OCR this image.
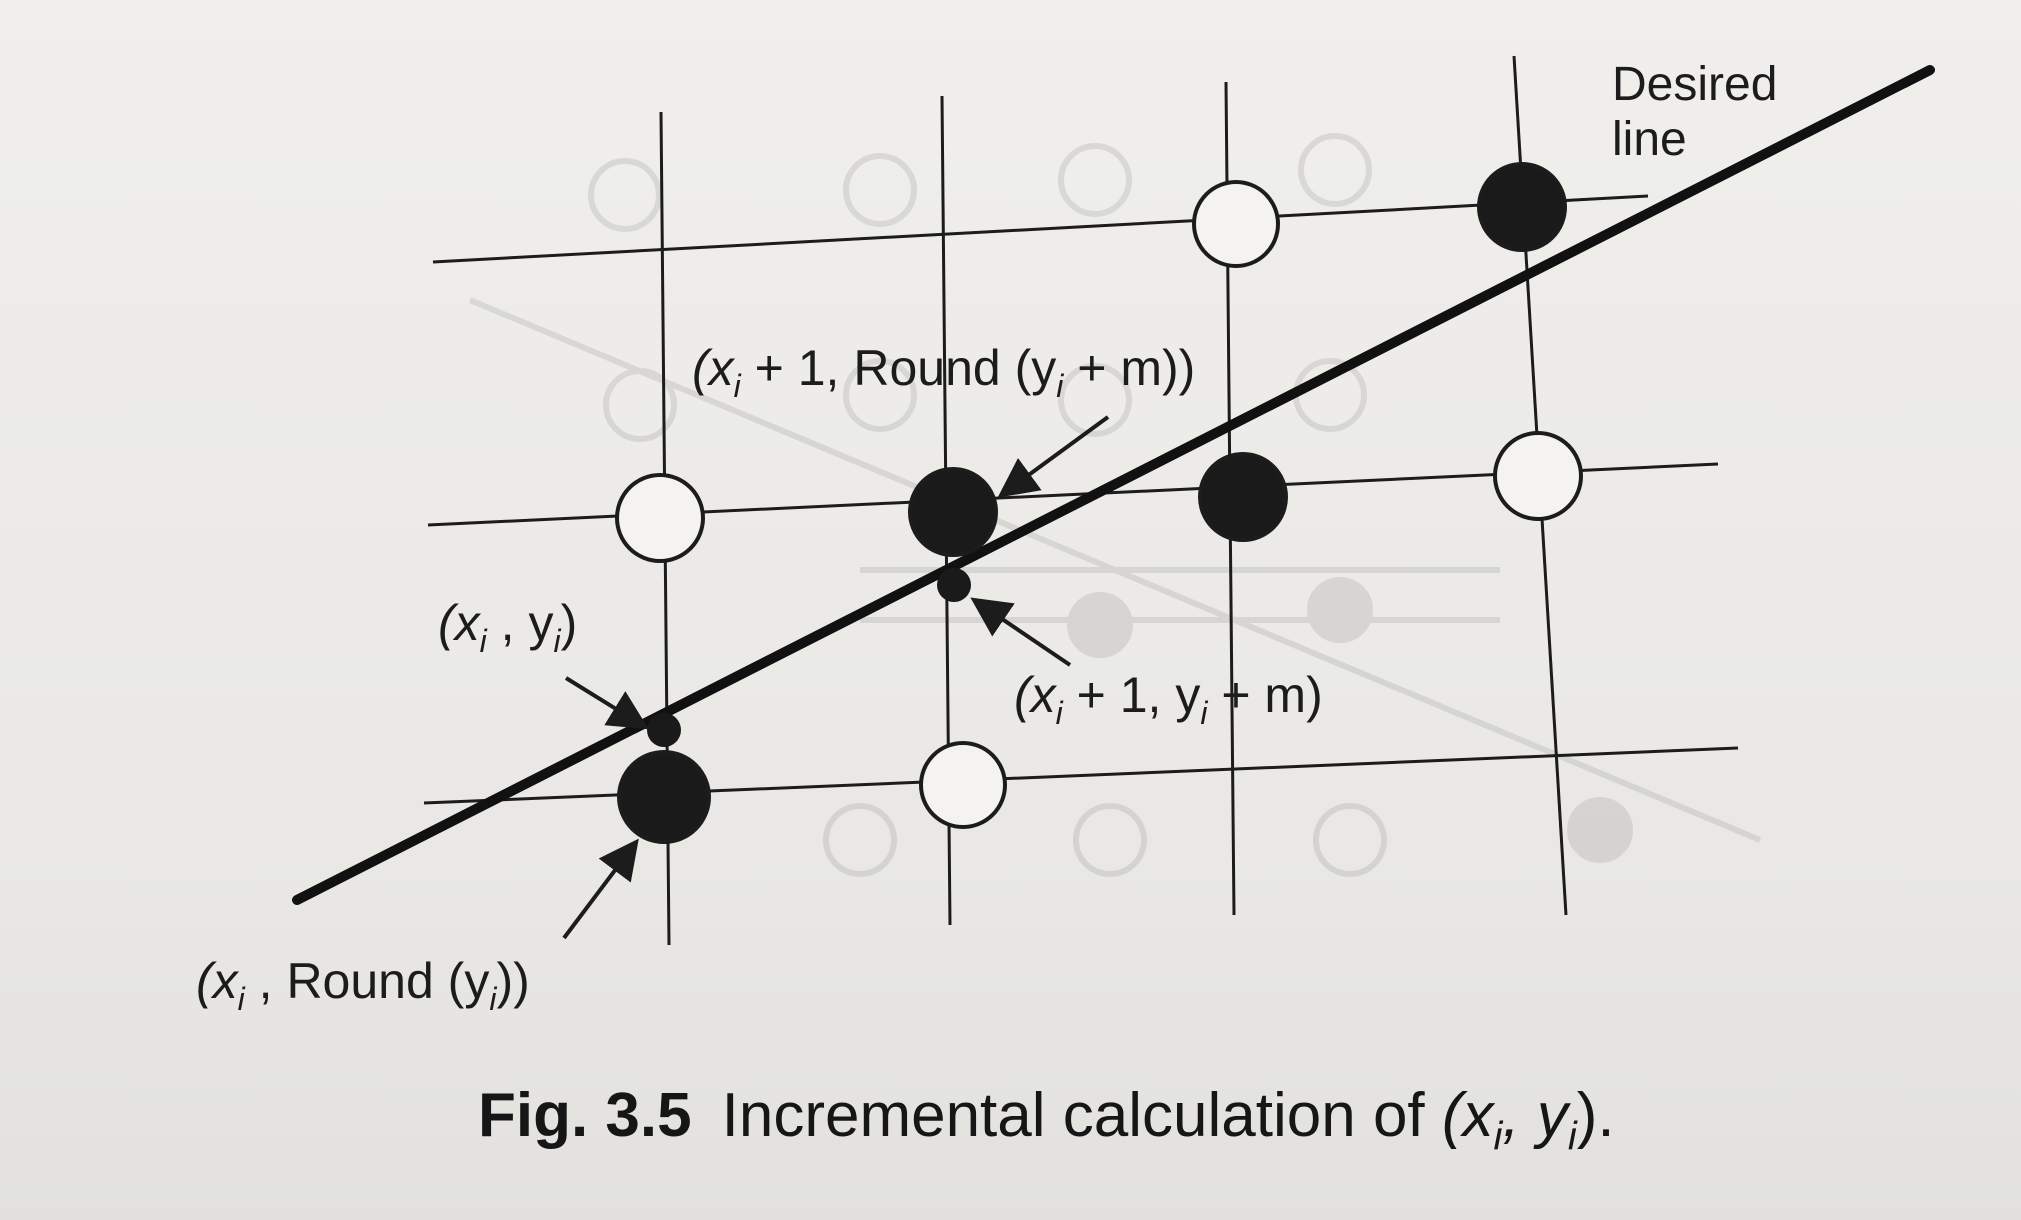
Desired
line
($x_i + 1$, Round $(y_i + m)$)
($x_i$ , $y_i$)
($x_i + 1$, $y_i + m$)
($x_i$ , Round $(y_i)$)
Fig. 3.5 Incremental calculation of ($x_i$, $y_i$).
